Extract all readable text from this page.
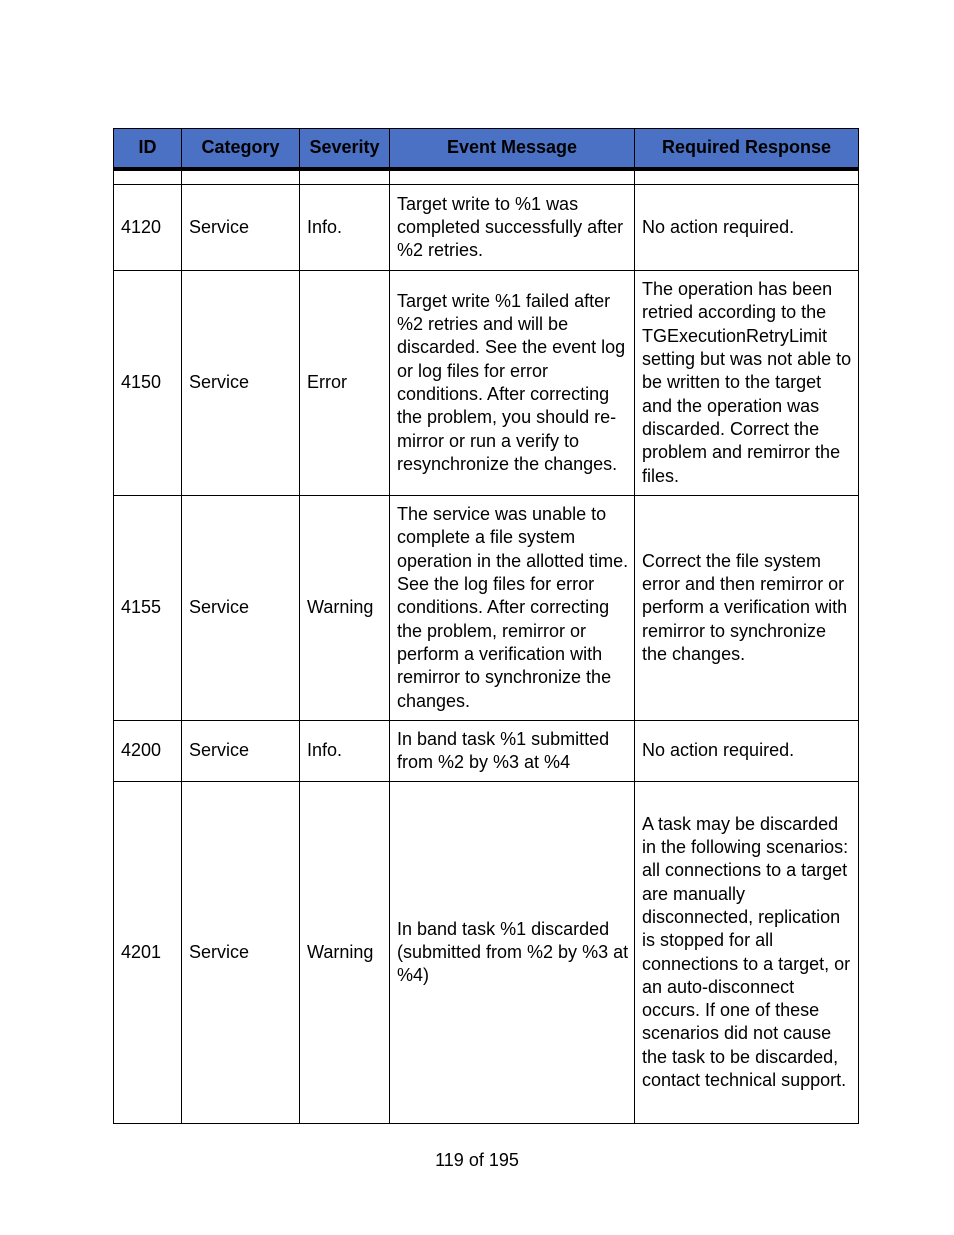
ID	Category	Severity	Event Message	Required Response

4120	Service	Info.	Target write to %1 was completed successfully after %2 retries.	No action required.
4150	Service	Error	Target write %1 failed after %2 retries and will be discarded. See the event log or log files for error conditions. After correcting the problem, you should re-mirror or run a verify to resynchronize the changes.	The operation has been retried according to the TGExecutionRetryLimit setting but was not able to be written to the target and the operation was discarded. Correct the problem and remirror the files.
4155	Service	Warning	The service was unable to complete a file system operation in the allotted time. See the log files for error conditions. After correcting the problem, remirror or perform a verification with remirror to synchronize the changes.	Correct the file system error and then remirror or perform a verification with remirror to synchronize the changes.
4200	Service	Info.	In band task %1 submitted from %2 by %3 at %4	No action required.
4201	Service	Warning	In band task %1 discarded (submitted from %2 by %3 at %4)	A task may be discarded in the following scenarios: all connections to a target are manually disconnected, replication is stopped for all connections to a target, or an auto-disconnect occurs. If one of these scenarios did not cause the task to be discarded, contact technical support.
119 of 195
